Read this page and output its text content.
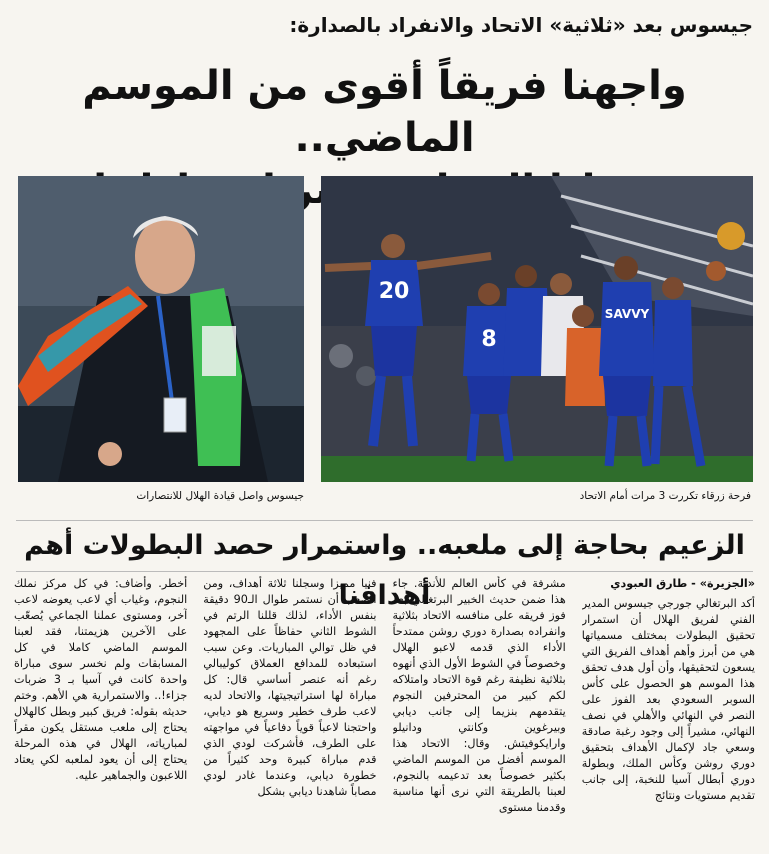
جيسوس بعد «ثلاثية» الاتحاد والانفراد بالصدارة:
واجهنا فريقاً أقوى من الموسم الماضي..
20
8
SAVVY
فرحة زرقاء تكررت 3 مرات أمام الاتحاد
جيسوس واصل قيادة الهلال للانتصارات
الزعيم بحاجة إلى ملعبه.. واستمرار حصد البطولات أهم أهدافنا	«الجزيرة» - طارق العبودي

أكد البرتغالي جورجي جيسوس المدير الفني لفريق الهلال أن استمرار تحقيق البطولات بمختلف مسمياتها هي من أبرز وأهم أهداف الفريق التي يسعون لتحقيقها، وأن أول هدف تحقق هذا الموسم هو الحصول على كأس السوبر السعودي بعد الفوز على النصر في النهائي والأهلي في نصف النهائي، مشيراً إلى وجود رغبة صادقة وسعي جاد لإكمال الأهداف بتحقيق دوري روشن وكأس الملك، وبطولة دوري أبطال آسيا للنخبة، إلى جانب تقديم مستويات ونتائج

مشرفة في كأس العالم للأندية. جاء هذا ضمن حديث الخبير البرتغالي بعد فوز فريقه على منافسه الاتحاد بثلاثية وانفراده بصدارة دوري روشن ممتدحاً الأداء الذي قدمه لاعبو الهلال وخصوصاً في الشوط الأول الذي أنهوه بثلاثية نظيفة رغم قوة الاتحاد وامتلاكه لكم كبير من المحترفين النجوم يتقدمهم بنزيما إلى جانب ديابي وبيرغوين وكانتي ودانيلو وارايكوفيتش. وقال: الاتحاد هذا الموسم أفضل من الموسم الماضي بكثير خصوصاً بعد تدعيمه بالنجوم، لعبنا بالطريقة التي نرى أنها مناسبة وقدمنا مستوى

فنيا مميزا وسجلنا ثلاثة أهداف، ومن الصعب أن نستمر طوال الـ90 دقيقة بنفس الأداء، لذلك قللنا الرتم في الشوط الثاني حفاظاً على المجهود في ظل توالي المباريات. وعن سبب استبعاده للمدافع العملاق كوليبالي رغم أنه عنصر أساسي قال: كل مباراة لها استراتيجيتها، والاتحاد لديه لاعب طرف خطير وسريع هو ديابي، واحتجنا لاعباً قوياً دفاعياً في مواجهته على الطرف، فأشركت لودي الذي قدم مباراة كبيرة وحد كثيراً من خطورة ديابي، وعندما غادر لودي مصاباً شاهدنا ديابي بشكل

أخطر. وأضاف: في كل مركز نملك النجوم، وغياب أي لاعب يعوضه لاعب آخر، ومستوى عملنا الجماعي يُصعّب على الآخرين هزيمتنا، فقد لعبنا الموسم الماضي كاملا في كل المسابقات ولم نخسر سوى مباراة واحدة كانت في آسيا بـ 3 ضربات جزاء!.. والاستمرارية هي الأهم. وختم حديثه بقوله: فريق كبير وبطل كالهلال يحتاج إلى ملعب مستقل يكون مقراً لمبارياته، الهلال في هذه المرحلة يحتاج إلى أن يعود لملعبه لكي يعتاد اللاعبون والجماهير عليه.
